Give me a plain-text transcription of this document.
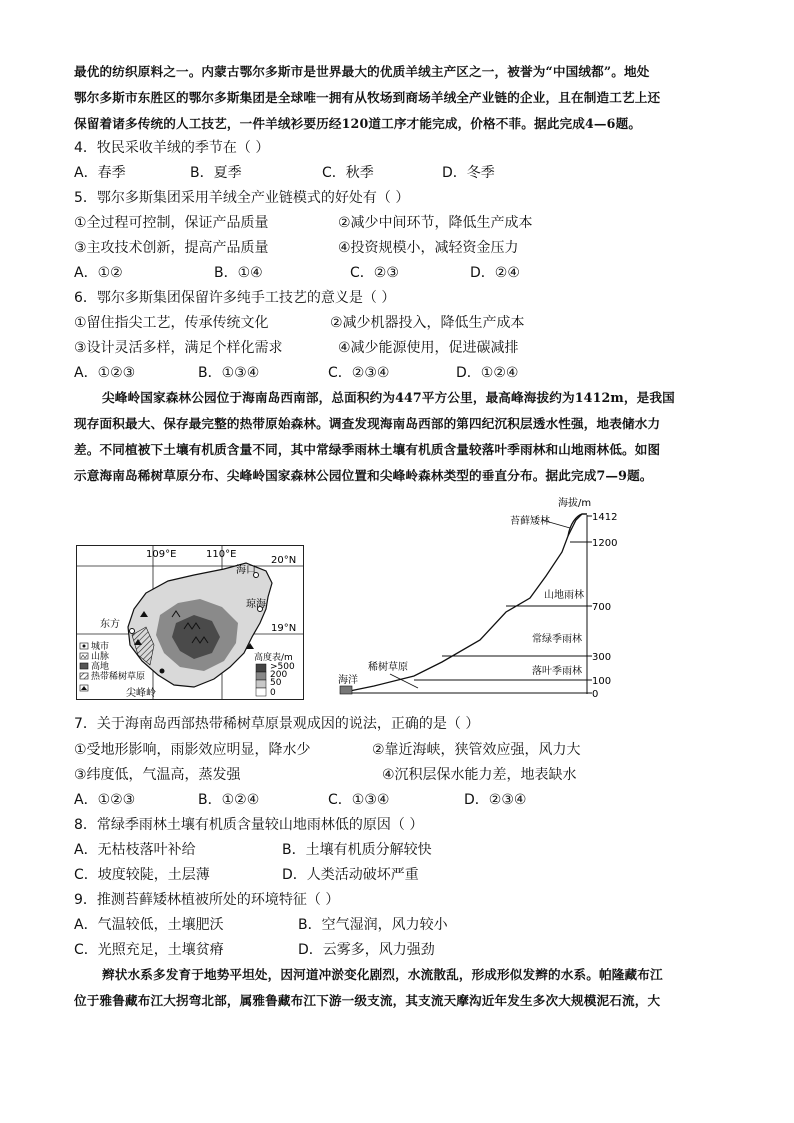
最优的纺织原料之一。内蒙古鄂尔多斯市是世界最大的优质羊绒主产区之一，被誉为“中国绒都”。地处
鄂尔多斯市东胜区的鄂尔多斯集团是全球唯一拥有从牧场到商场羊绒全产业链的企业，且在制造工艺上还
保留着诸多传统的人工技艺，一件羊绒衫要历经120道工序才能完成，价格不菲。据此完成4—6题。
4．牧民采收羊绒的季节在（ ）
A．春季	B．夏季	C．秋季	D．冬季
5．鄂尔多斯集团采用羊绒全产业链模式的好处有（ ）
①全过程可控制，保证产品质量	②减少中间环节，降低生产成本
③主攻技术创新，提高产品质量	④投资规模小，减轻资金压力
A．①②	B．①④	C．②③	D．②④
6．鄂尔多斯集团保留许多纯手工技艺的意义是（ ）
①留住指尖工艺，传承传统文化	②减少机器投入，降低生产成本
③设计灵活多样，满足个样化需求	④减少能源使用，促进碳减排
A．①②③	B．①③④	C．②③④	D．①②④
尖峰岭国家森林公园位于海南岛西南部，总面积约为447平方公里，最高峰海拔约为1412m，是我国
现存面积最大、保存最完整的热带原始森林。调查发现海南岛西部的第四纪沉积层透水性强，地表储水力
差。不同植被下土壤有机质含量不同，其中常绿季雨林土壤有机质含量较落叶季雨林和山地雨林低。如图
示意海南岛稀树草原分布、尖峰岭国家森林公园位置和尖峰岭森林类型的垂直分布。据此完成7—9题。
109°E	110°E
20°N
19°N
海口
琼海
东方
尖峰岭
城市
山脉
高地
热带稀树草原
高度表/m
>500
200
50
0
海拔/m
1412
1200
700
300
100
0
苔藓矮林
山地雨林
常绿季雨林
落叶季雨林
稀树草原
海洋
7．关于海南岛西部热带稀树草原景观成因的说法，正确的是（ ）
①受地形影响，雨影效应明显，降水少	②靠近海峡，狭管效应强，风力大
③纬度低，气温高，蒸发强	④沉积层保水能力差，地表缺水
A．①②③	B．①②④	C．①③④	D．②③④
8．常绿季雨林土壤有机质含量较山地雨林低的原因（ ）
A．无枯枝落叶补给	B．土壤有机质分解较快
C．坡度较陡，土层薄	D．人类活动破坏严重
9．推测苔藓矮林植被所处的环境特征（ ）
A．气温较低，土壤肥沃	B．空气湿润，风力较小
C．光照充足，土壤贫瘠	D．云雾多，风力强劲
辫状水系多发育于地势平坦处，因河道冲淤变化剧烈，水流散乱，形成形似发辫的水系。帕隆藏布江
位于雅鲁藏布江大拐弯北部，属雅鲁藏布江下游一级支流，其支流天摩沟近年发生多次大规模泥石流，大
